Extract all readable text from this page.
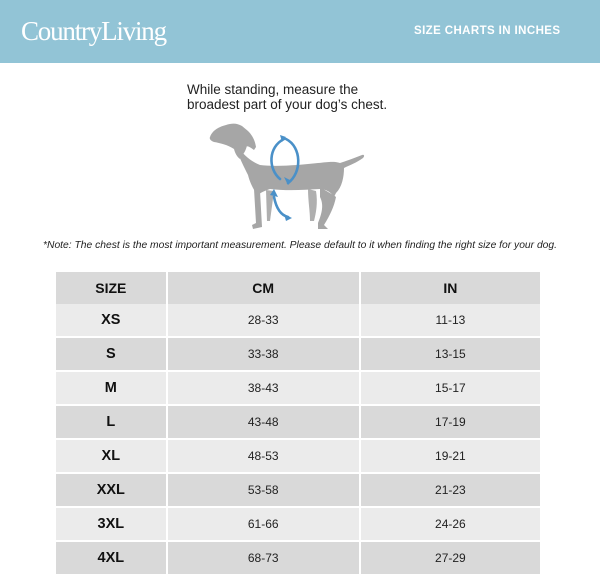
CountryLiving	SIZE CHARTS IN INCHES
While standing, measure the
broadest part of your dog’s chest.
*Note: The chest is the most important measurement. Please default to it when finding the right size for your dog.
SIZE	CM	IN
XS	28-33	11-13
S	33-38	13-15
M	38-43	15-17
L	43-48	17-19
XL	48-53	19-21
XXL	53-58	21-23
3XL	61-66	24-26
4XL	68-73	27-29
